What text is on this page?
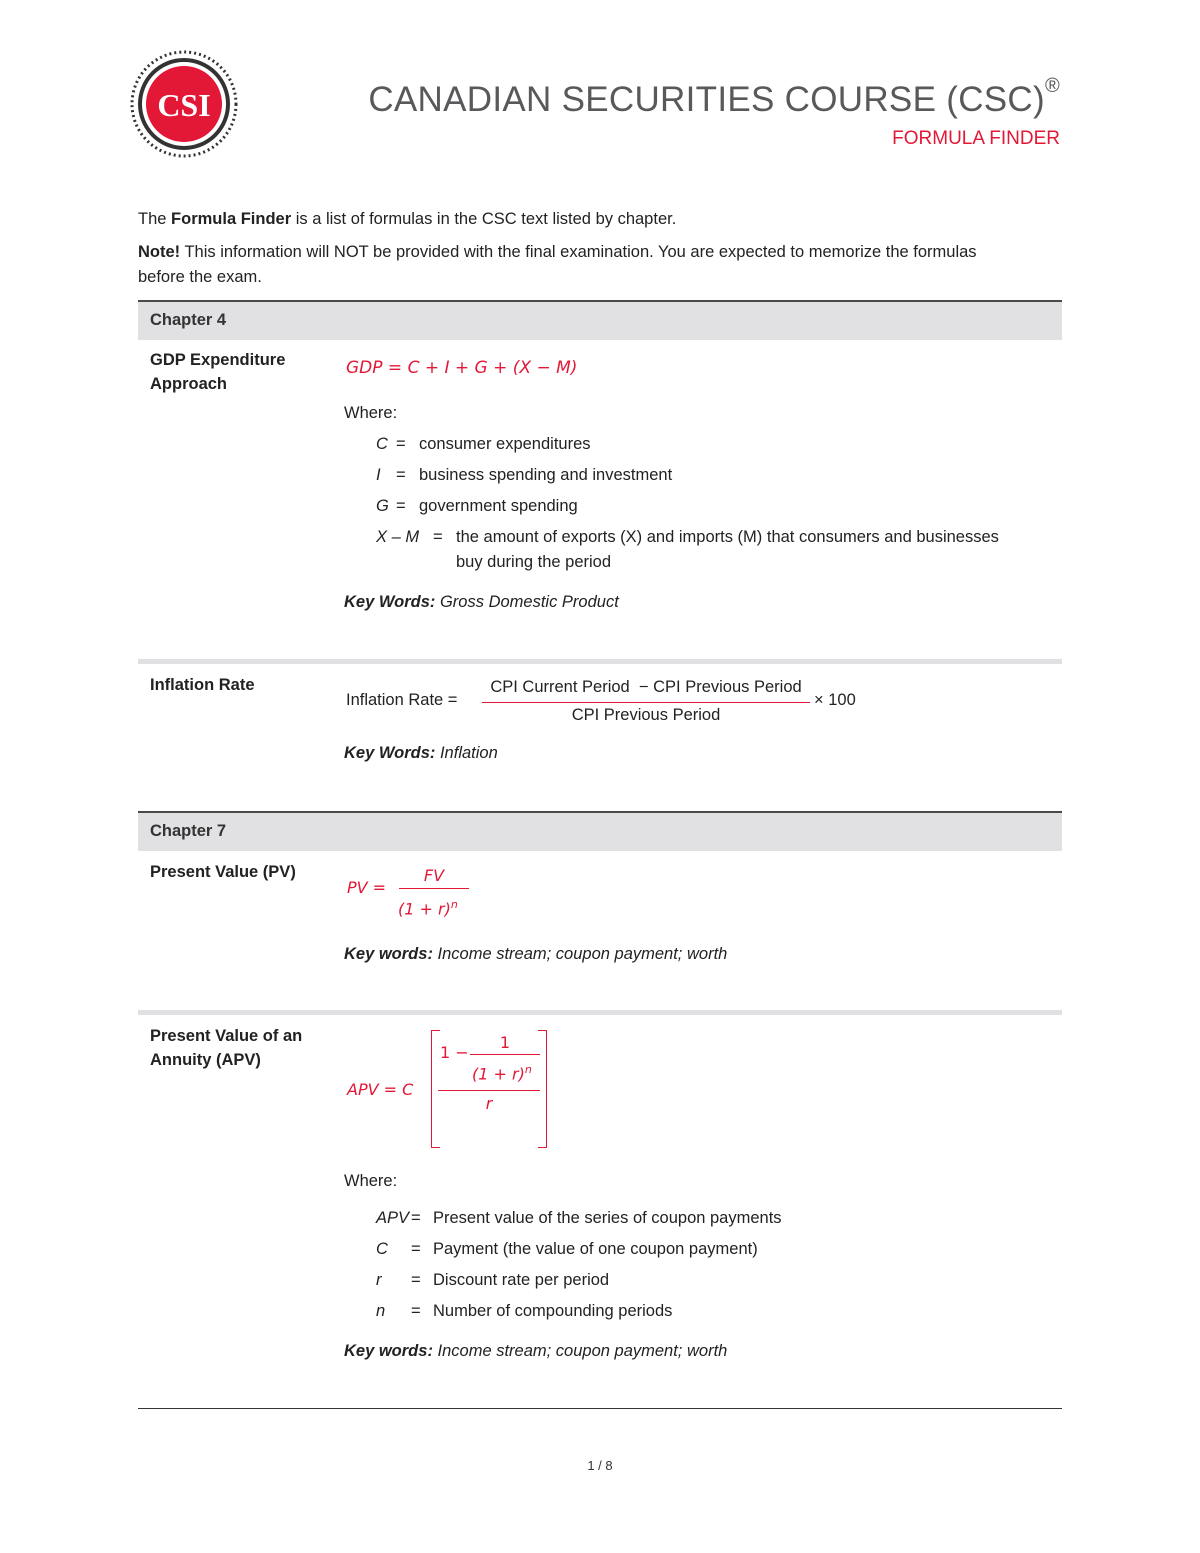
CSI	CANADIAN SECURITIES COURSE (CSC)®
FORMULA FINDER
The Formula Finder is a list of formulas in the CSC text listed by chapter.
Note! This information will NOT be provided with the final examination. You are expected to memorize the formulas
before the exam.
Chapter 4
GDP Expenditure
Approach
GDP = C + I + G + (X − M)
Where:
C = consumer expenditures
I = business spending and investment
G = government spending
X – M = the amount of exports (X) and imports (M) that consumers and businesses
buy during the period
Key Words: Gross Domestic Product
Inflation Rate
Inflation Rate =
CPI Current Period  − CPI Previous Period
CPI Previous Period
× 100
Key Words: Inflation
Chapter 7
Present Value (PV)
PV =
FV
$(1 + r)^n$
Key words: Income stream; coupon payment; worth
Present Value of an
Annuity (APV)
APV = C
1 −
1
$(1 + r)^n$
r
Where:
APV = Present value of the series of coupon payments
C = Payment (the value of one coupon payment)
r = Discount rate per period
n = Number of compounding periods
Key words: Income stream; coupon payment; worth
1 / 8
